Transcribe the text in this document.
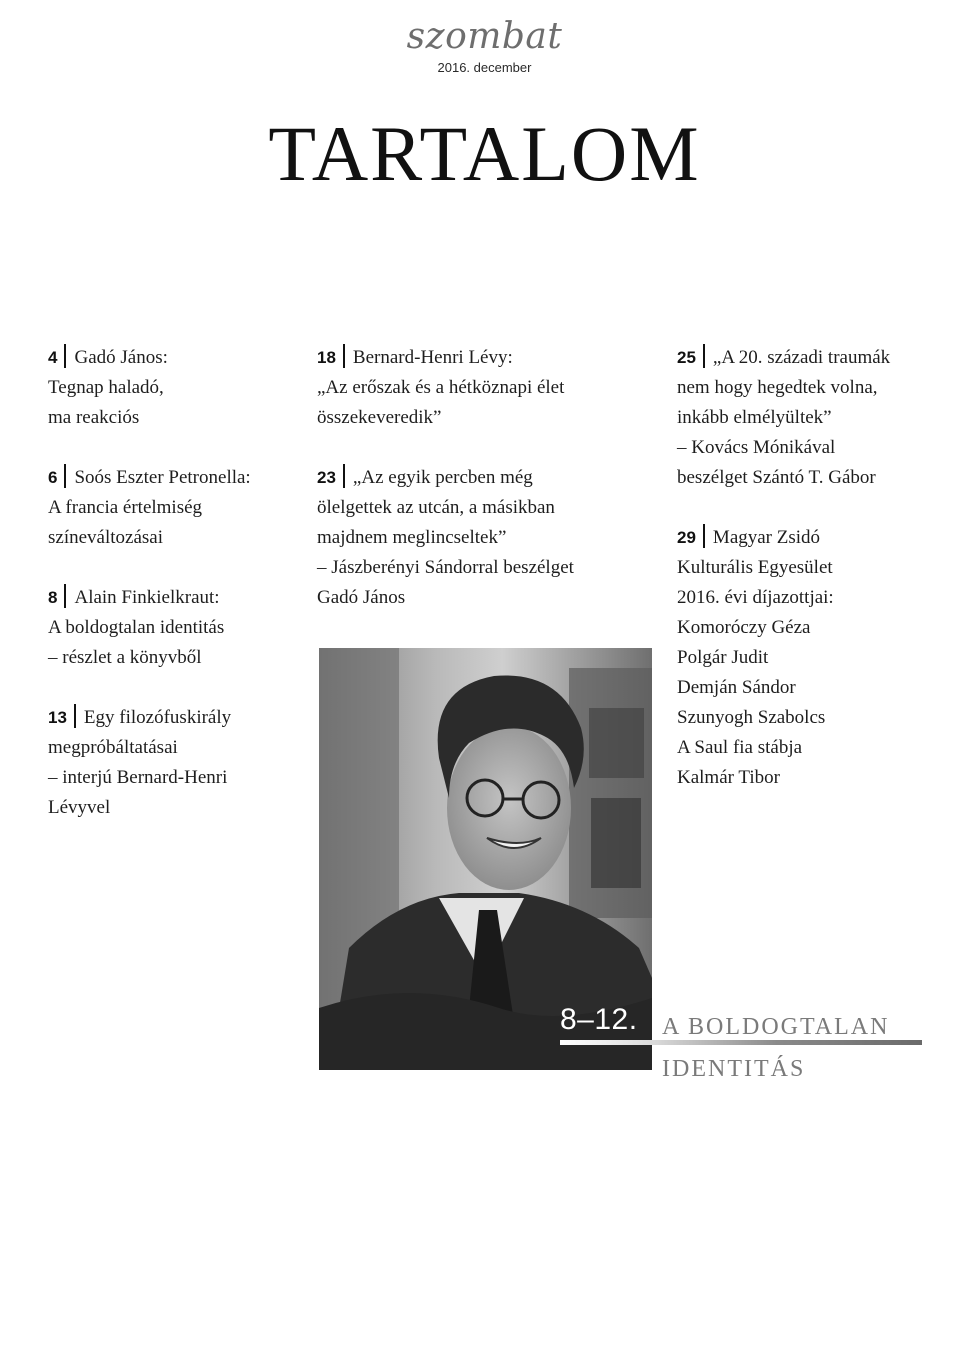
szombat
2016. december
TARTALOM
4 Gadó János:
Tegnap haladó,
ma reakciós
6 Soós Eszter Petronella:
A francia értelmiség
színeváltozásai
8 Alain Finkielkraut:
A boldogtalan identitás
– részlet a könyvből
13 Egy filozófuskirály
megpróbáltatásai
– interjú Bernard-Henri
Lévyvel
18 Bernard-Henri Lévy:
„Az erőszak és a hétköznapi élet
összekeveredik”
23 „Az egyik percben még
ölelgettek az utcán, a másikban
majdnem meglincseltek”
– Jászberényi Sándorral beszélget
Gadó János
25 „A 20. századi traumák
nem hogy hegedtek volna,
inkább elmélyültek”
– Kovács Mónikával
beszélget Szántó T. Gábor
29 Magyar Zsidó
Kulturális Egyesület
2016. évi díjazottjai:
Komoróczy Géza
Polgár Judit
Demján Sándor
Szunyogh Szabolcs
A Saul fia stábja
Kalmár Tibor
8–12.	A BOLDOGTALAN
IDENTITÁS
